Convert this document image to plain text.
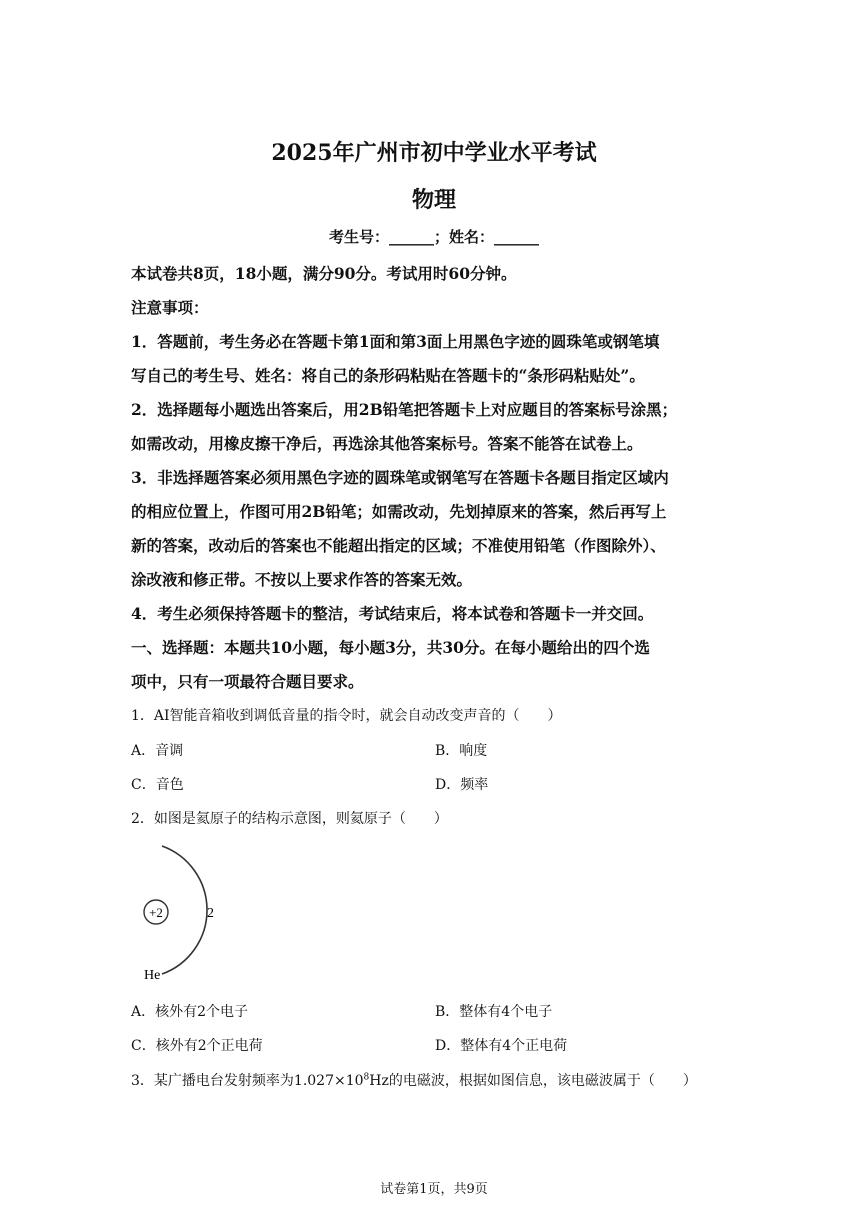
2025年广州市初中学业水平考试
物理
考生号：______；姓名：______
本试卷共8页，18小题，满分90分。考试用时60分钟。
注意事项：
1．答题前，考生务必在答题卡第1面和第3面上用黑色字迹的圆珠笔或钢笔填
写自己的考生号、姓名：将自己的条形码粘贴在答题卡的“条形码粘贴处”。
2．选择题每小题选出答案后，用2B铅笔把答题卡上对应题目的答案标号涂黑；
如需改动，用橡皮擦干净后，再选涂其他答案标号。答案不能答在试卷上。
3．非选择题答案必须用黑色字迹的圆珠笔或钢笔写在答题卡各题目指定区域内
的相应位置上，作图可用2B铅笔；如需改动，先划掉原来的答案，然后再写上
新的答案，改动后的答案也不能超出指定的区域；不准使用铅笔（作图除外）、
涂改液和修正带。不按以上要求作答的答案无效。
4．考生必须保持答题卡的整洁，考试结束后，将本试卷和答题卡一并交回。
一、选择题：本题共10小题，每小题3分，共30分。在每小题给出的四个选
项中，只有一项最符合题目要求。
1．AI智能音箱收到调低音量的指令时，就会自动改变声音的（　　）
A．音调	B．响度
C．音色	D．频率
2．如图是氦原子的结构示意图，则氦原子（　　）
+2	2
He
A．核外有2个电子	B．整体有4个电子
C．核外有2个正电荷	D．整体有4个正电荷
3．某广播电台发射频率为$1.027\times 10^8Hz$的电磁波，根据如图信息，该电磁波属于（　　）
试卷第1页，共9页
